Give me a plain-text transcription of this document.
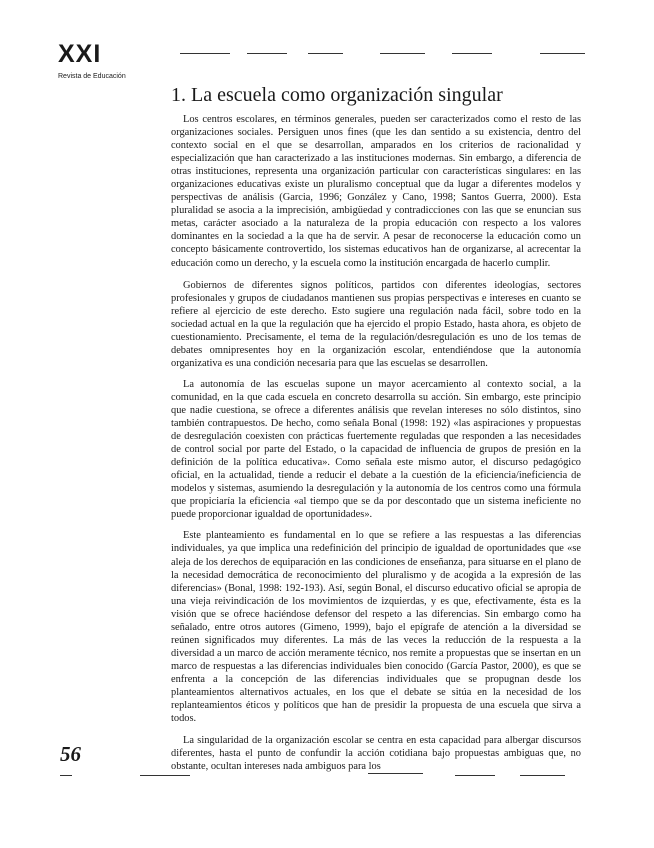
XXI
Revista de Educación
1. La escuela como organización singular

Los centros escolares, en términos generales, pueden ser caracterizados como el resto de las organizaciones sociales. Persiguen unos fines (que les dan sentido a su existencia, dentro del contexto social en el que se desarrollan, amparados en los criterios de racionalidad y especialización que han caracterizado a las instituciones modernas. Sin embargo, a diferencia de otras instituciones, representa una organización particular con características singulares: en las organizaciones educativas existe un pluralismo conceptual que da lugar a diferentes modelos y perspectivas de análisis (Garcia, 1996; González y Cano, 1998; Santos Guerra, 2000). Esta pluralidad se asocia a la imprecisión, ambigüedad y contradicciones con las que se enuncian sus metas, carácter asociado a la naturaleza de la propia educación con respecto a los valores dominantes en la sociedad a la que ha de servir. A pesar de reconocerse la educación como un concepto básicamente controvertido, los sistemas educativos han de organizarse, al acrecentar la educación como un derecho, y la escuela como la institución encargada de hacerlo cumplir.

Gobiernos de diferentes signos políticos, partidos con diferentes ideologías, sectores profesionales y grupos de ciudadanos mantienen sus propias perspectivas e intereses en cuanto se refiere al ejercicio de este derecho. Esto sugiere una regulación nada fácil, sobre todo en la sociedad actual en la que la regulación que ha ejercido el propio Estado, hasta ahora, es objeto de cuestionamiento. Precisamente, el tema de la regulación/desregulación es uno de los temas de debates omnipresentes hoy en la organización escolar, entendiéndose que la autonomía organizativa es una condición necesaria para que las escuelas se desarrollen.

La autonomía de las escuelas supone un mayor acercamiento al contexto social, a la comunidad, en la que cada escuela en concreto desarrolla su acción. Sin embargo, este principio que nadie cuestiona, se ofrece a diferentes análisis que revelan intereses no sólo distintos, sino también contrapuestos. De hecho, como señala Bonal (1998: 192) «las aspiraciones y propuestas de desregulación coexisten con prácticas fuertemente reguladas que responden a las necesidades de control social por parte del Estado, o la capacidad de influencia de grupos de presión en la definición de la política educativa». Como señala este mismo autor, el discurso pedagógico oficial, en la actualidad, tiende a reducir el debate a la cuestión de la eficiencia/ineficiencia de modelos y sistemas, asumiendo la desregulación y la autonomía de los centros como una fórmula que propiciaría la eficiencia «al tiempo que se da por descontado que un sistema ineficiente no puede proporcionar igualdad de oportunidades».

Este planteamiento es fundamental en lo que se refiere a las respuestas a las diferencias individuales, ya que implica una redefinición del principio de igualdad de oportunidades que «se aleja de los derechos de equiparación en las condiciones de enseñanza, para situarse en el plano de la necesidad democrática de reconocimiento del pluralismo y de acogida a la expresión de las diferencias» (Bonal, 1998: 192-193). Así, según Bonal, el discurso educativo oficial se apropia de una vieja reivindicación de los movimientos de izquierdas, y es que, efectivamente, ésta es la visión que se ofrece haciéndose defensor del respeto a las diferencias. Sin embargo como ha señalado, entre otros autores (Gimeno, 1999), bajo el epígrafe de atención a la diversidad se reúnen significados muy diferentes. La más de las veces la reducción de la respuesta a la diversidad a un marco de acción meramente técnico, nos remite a propuestas que se insertan en un marco de respuestas a las diferencias individuales bien conocido (García Pastor, 2000), es que se enfrenta a la concepción de las diferencias individuales que se propugnan desde los planteamientos alternativos actuales, en los que el debate se sitúa en la necesidad de los replanteamientos éticos y políticos que han de presidir la propuesta de una escuela que sirva a todos.

La singularidad de la organización escolar se centra en esta capacidad para albergar discursos diferentes, hasta el punto de confundir la acción cotidiana bajo propuestas ambiguas que, no obstante, ocultan intereses nada ambiguos para los

56
